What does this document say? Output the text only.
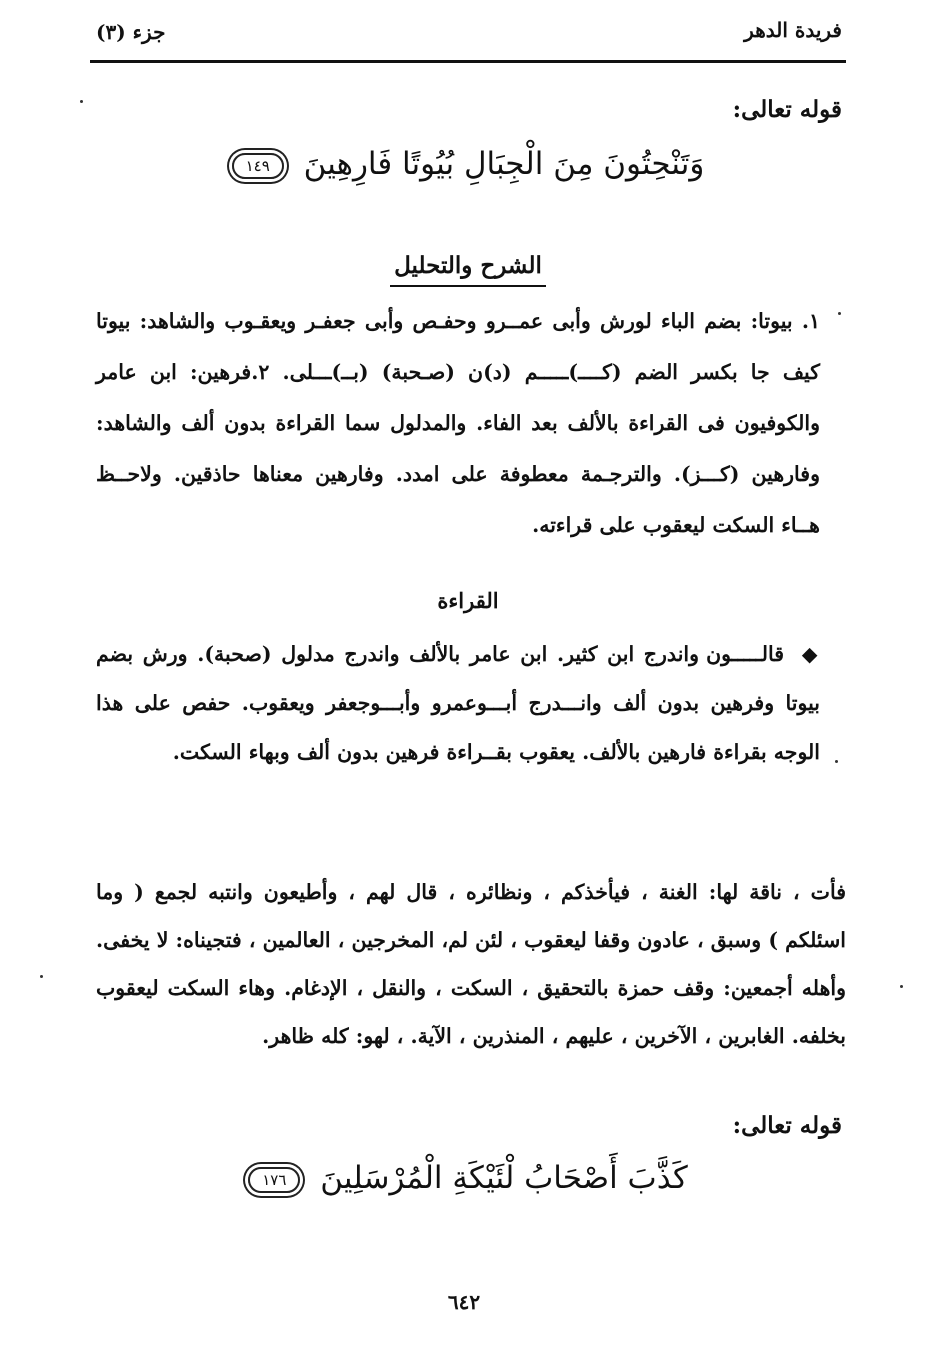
فريدة الدهر
جزء (٣)
قوله تعالى:
وَتَنْحِتُونَ مِنَ الْجِبَالِ بُيُوتًا فَارِهِينَ ١٤٩
الشرح والتحليل
١. بيوتا: بضم الباء لورش وأبى عمــرو وحفـص وأبى جعفـر ويعقـوب والشاهد: بيوتا كيف جا بكسر الضم (كــــ)ـــــم (د)ن (صـحبة) (بــ)ـــلى. ٢.فرهين: ابن عامر والكوفيون فى القراءة بالألف بعد الفاء. والمدلول سما القراءة بدون ألف والشاهد: وفارهين (كـــز). والترجـمة معطوفة على امدد. وفارهين معناها حاذقين. ولاحــظ هــاء السكت ليعقوب على قراءته.
القراءة
◆ قالـــــون واندرج ابن كثير. ابن عامر بالألف واندرج مدلول (صحبة). ورش بضم بيوتا وفرهين بدون ألف وانـــدرج أبـــوعمرو وأبـــوجعفر ويعقوب. حفص على هذا الوجه بقراءة فارهين بالألف. يعقوب بقــراءة فرهين بدون ألف وبهاء السكت.
فأت ، ناقة لها: الغنة ، فيأخذكم ، ونظائره ، قال لهم ، وأطيعون وانتبه لجمع ( وما اسئلكم ) وسبق ، عادون وقفا ليعقوب ، لئن لم، المخرجين ، العالمين ، فتجيناه: لا يخفى. وأهله أجمعين: وقف حمزة بالتحقيق ، السكت ، والنقل ، الإدغام. وهاء السكت ليعقوب بخلفه. الغابرين ، الآخرين ، عليهم ، المنذرين ، الآية. ، لهو: كله ظاهر.
قوله تعالى:
كَذَّبَ أَصْحَابُ لْئَيْكَةِ الْمُرْسَلِينَ ١٧٦
٦٤٢
